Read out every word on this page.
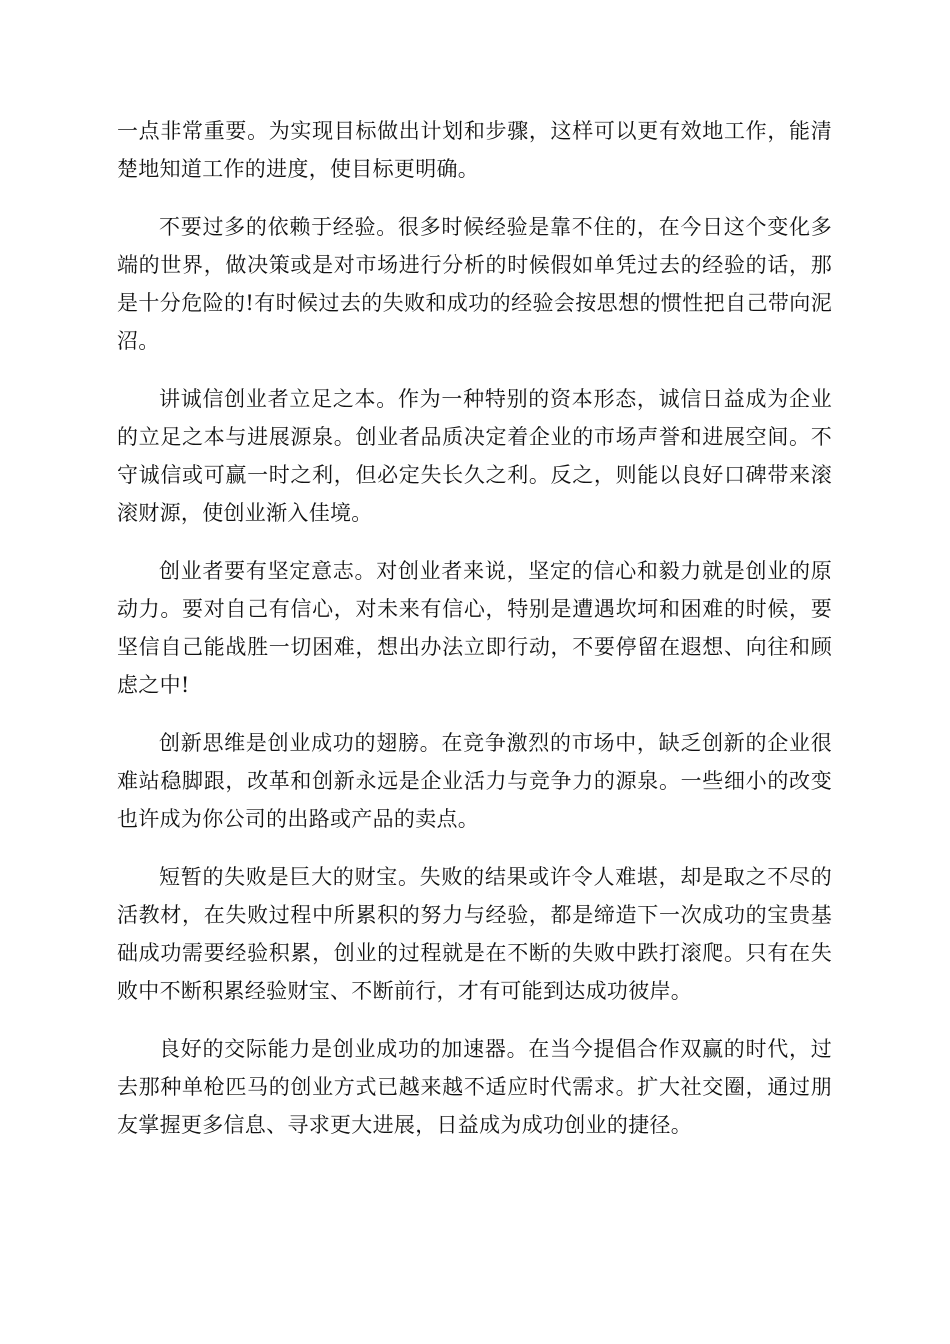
一点非常重要。为实现目标做出计划和步骤，这样可以更有效地工作，能清楚地知道工作的进度，使目标更明确。

不要过多的依赖于经验。很多时候经验是靠不住的，在今日这个变化多端的世界，做决策或是对市场进行分析的时候假如单凭过去的经验的话，那是十分危险的!有时候过去的失败和成功的经验会按思想的惯性把自己带向泥沼。

讲诚信创业者立足之本。作为一种特别的资本形态，诚信日益成为企业的立足之本与进展源泉。创业者品质决定着企业的市场声誉和进展空间。不守诚信或可赢一时之利，但必定失长久之利。反之，则能以良好口碑带来滚滚财源，使创业渐入佳境。

创业者要有坚定意志。对创业者来说，坚定的信心和毅力就是创业的原动力。要对自己有信心，对未来有信心，特别是遭遇坎坷和困难的时候，要坚信自己能战胜一切困难，想出办法立即行动，不要停留在遐想、向往和顾虑之中!

创新思维是创业成功的翅膀。在竞争激烈的市场中，缺乏创新的企业很难站稳脚跟，改革和创新永远是企业活力与竞争力的源泉。一些细小的改变也许成为你公司的出路或产品的卖点。

短暂的失败是巨大的财宝。失败的结果或许令人难堪，却是取之不尽的活教材，在失败过程中所累积的努力与经验，都是缔造下一次成功的宝贵基础成功需要经验积累，创业的过程就是在不断的失败中跌打滚爬。只有在失败中不断积累经验财宝、不断前行，才有可能到达成功彼岸。

良好的交际能力是创业成功的加速器。在当今提倡合作双赢的时代，过去那种单枪匹马的创业方式已越来越不适应时代需求。扩大社交圈，通过朋友掌握更多信息、寻求更大进展，日益成为成功创业的捷径。
